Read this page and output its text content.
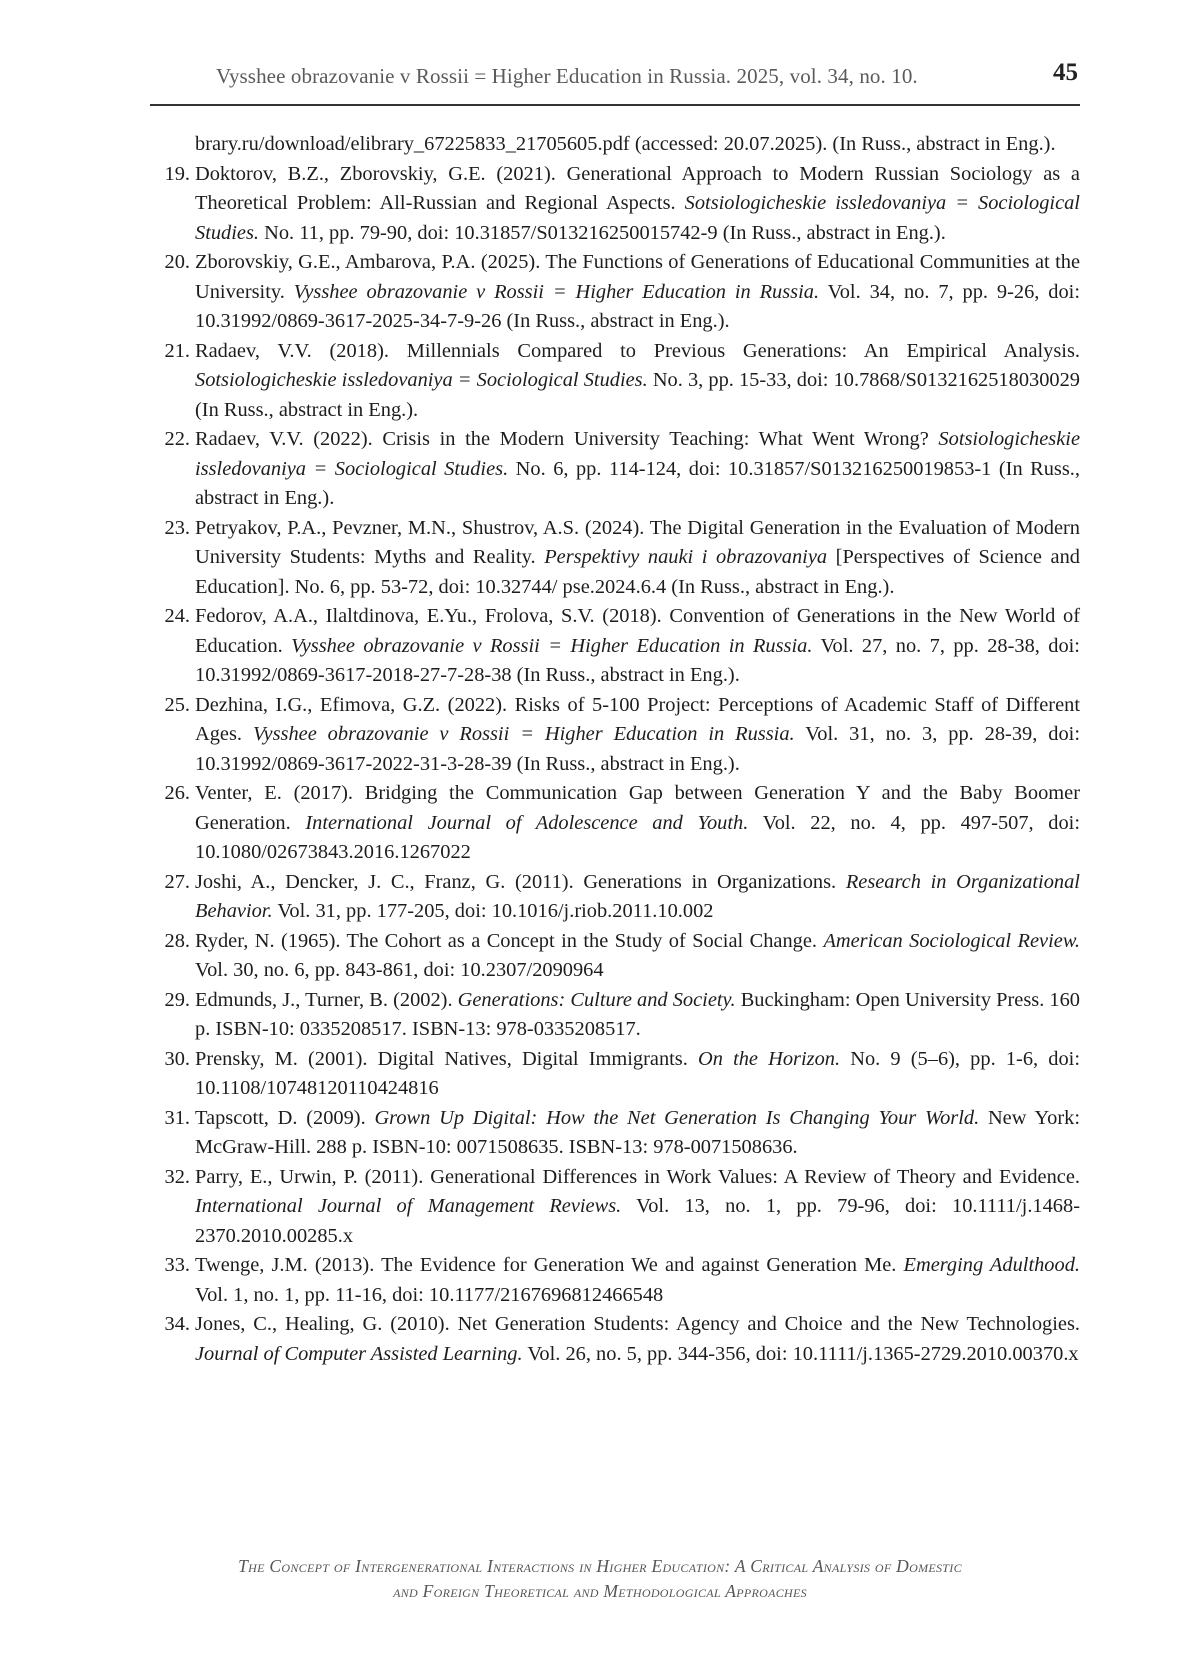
Vysshee obrazovanie v Rossii = Higher Education in Russia. 2025, vol. 34, no. 10.	45

brary.ru/download/elibrary_67225833_21705605.pdf (accessed: 20.07.2025). (In Russ., abstract in Eng.).

19. Doktorov, B.Z., Zborovskiy, G.E. (2021). Generational Approach to Modern Russian Sociology as a Theoretical Problem: All-Russian and Regional Aspects. Sotsiologicheskie issledovaniya = Sociological Studies. No. 11, pp. 79-90, doi: 10.31857/S013216250015742-9 (In Russ., abstract in Eng.).

20. Zborovskiy, G.E., Ambarova, P.A. (2025). The Functions of Generations of Educational Communities at the University. Vysshee obrazovanie v Rossii = Higher Education in Russia. Vol. 34, no. 7, pp. 9-26, doi: 10.31992/0869-3617-2025-34-7-9-26 (In Russ., abstract in Eng.).

21. Radaev, V.V. (2018). Millennials Compared to Previous Generations: An Empirical Analysis. Sotsiologicheskie issledovaniya = Sociological Studies. No. 3, pp. 15-33, doi: 10.7868/S0132162518030029 (In Russ., abstract in Eng.).

22. Radaev, V.V. (2022). Crisis in the Modern University Teaching: What Went Wrong? Sotsiologicheskie issledovaniya = Sociological Studies. No. 6, pp. 114-124, doi: 10.31857/S013216250019853-1 (In Russ., abstract in Eng.).

23. Petryakov, P.A., Pevzner, M.N., Shustrov, A.S. (2024). The Digital Generation in the Evaluation of Modern University Students: Myths and Reality. Perspektivy nauki i obrazovaniya [Perspectives of Science and Education]. No. 6, pp. 53-72, doi: 10.32744/ pse.2024.6.4 (In Russ., abstract in Eng.).

24. Fedorov, A.A., Ilaltdinova, E.Yu., Frolova, S.V. (2018). Convention of Generations in the New World of Education. Vysshee obrazovanie v Rossii = Higher Education in Russia. Vol. 27, no. 7, pp. 28-38, doi: 10.31992/0869-3617-2018-27-7-28-38 (In Russ., abstract in Eng.).

25. Dezhina, I.G., Efimova, G.Z. (2022). Risks of 5-100 Project: Perceptions of Academic Staff of Different Ages. Vysshee obrazovanie v Rossii = Higher Education in Russia. Vol. 31, no. 3, pp. 28-39, doi: 10.31992/0869-3617-2022-31-3-28-39 (In Russ., abstract in Eng.).

26. Venter, E. (2017). Bridging the Communication Gap between Generation Y and the Baby Boomer Generation. International Journal of Adolescence and Youth. Vol. 22, no. 4, pp. 497-507, doi: 10.1080/02673843.2016.1267022

27. Joshi, A., Dencker, J. C., Franz, G. (2011). Generations in Organizations. Research in Organizational Behavior. Vol. 31, pp. 177-205, doi: 10.1016/j.riob.2011.10.002

28. Ryder, N. (1965). The Cohort as a Concept in the Study of Social Change. American Sociological Review. Vol. 30, no. 6, pp. 843-861, doi: 10.2307/2090964

29. Edmunds, J., Turner, B. (2002). Generations: Culture and Society. Buckingham: Open University Press. 160 p. ISBN-10: 0335208517. ISBN-13: 978-0335208517.

30. Prensky, M. (2001). Digital Natives, Digital Immigrants. On the Horizon. No. 9 (5–6), pp. 1-6, doi: 10.1108/10748120110424816

31. Tapscott, D. (2009). Grown Up Digital: How the Net Generation Is Changing Your World. New York: McGraw-Hill. 288 p. ISBN-10: 0071508635. ISBN-13: 978-0071508636.

32. Parry, E., Urwin, P. (2011). Generational Differences in Work Values: A Review of Theory and Evidence. International Journal of Management Reviews. Vol. 13, no. 1, pp. 79-96, doi: 10.1111/j.1468-2370.2010.00285.x

33. Twenge, J.M. (2013). The Evidence for Generation We and against Generation Me. Emerging Adulthood. Vol. 1, no. 1, pp. 11-16, doi: 10.1177/2167696812466548

34. Jones, C., Healing, G. (2010). Net Generation Students: Agency and Choice and the New Technologies. Journal of Computer Assisted Learning. Vol. 26, no. 5, pp. 344-356, doi: 10.1111/j.1365-2729.2010.00370.x

The Concept of Intergenerational Interactions in Higher Education: A Critical Analysis of Domestic
and Foreign Theoretical and Methodological Approaches
